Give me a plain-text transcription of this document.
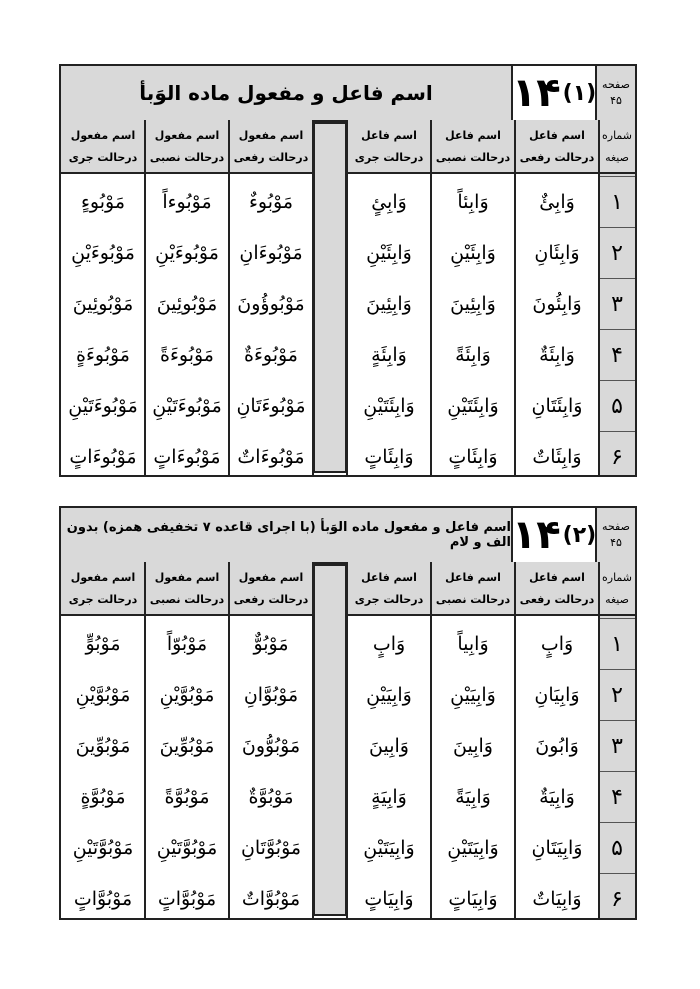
اسم فاعل و مفعول ماده الوَبأ	۱۴ (۱) صفحه
۴۵
اسم مفعول
درحالت جری
مَوْبُوءٍ
مَوْبُوءَيْنِ
مَوْبُوئِينَ
مَوْبُوءَةٍ
مَوْبُوءَتَيْنِ
مَوْبُوءَاتٍ
اسم مفعول
درحالت نصبی
مَوْبُوءاً
مَوْبُوءَيْنِ
مَوْبُوئِينَ
مَوْبُوءَةً
مَوْبُوءَتَيْنِ
مَوْبُوءَاتٍ
اسم مفعول
درحالت رفعی
مَوْبُوءٌ
مَوْبُوءَانِ
مَوْبُوؤُونَ
مَوْبُوءَةٌ
مَوْبُوءَتَانِ
مَوْبُوءَاتٌ
اسم فاعل
درحالت جری
وَابِئٍ
وَابِئَيْنِ
وَابِئِينَ
وَابِئَةٍ
وَابِئَتَيْنِ
وَابِئَاتٍ
اسم فاعل
درحالت نصبی
وَابِئاً
وَابِئَيْنِ
وَابِئِينَ
وَابِئَةً
وَابِئَتَيْنِ
وَابِئَاتٍ
اسم فاعل
درحالت رفعی
وَابِئٌ
وَابِئَانِ
وَابِئُونَ
وَابِئَةٌ
وَابِئَتَانِ
وَابِئَاتٌ
شماره
صیغه
۱
۲
۳
۴
۵
۶
اسم فاعل و مفعول ماده الوَبأ (با اجرای قاعده ۷ تخفیفی همزه) بدون الف و لام ۱۴ (۲) صفحه
۴۵
اسم مفعول
درحالت جری
مَوْبُوٍّ
مَوْبُوَّيْنِ
مَوْبُوِّينَ
مَوْبُوَّةٍ
مَوْبُوَّتَيْنِ
مَوْبُوَّاتٍ
اسم مفعول
درحالت نصبی
مَوْبُوّاً
مَوْبُوَّيْنِ
مَوْبُوِّينَ
مَوْبُوَّةً
مَوْبُوَّتَيْنِ
مَوْبُوَّاتٍ
اسم مفعول
درحالت رفعی
مَوْبُوٌّ
مَوْبُوَّانِ
مَوْبُوُّونَ
مَوْبُوَّةٌ
مَوْبُوَّتَانِ
مَوْبُوَّاتٌ
اسم فاعل
درحالت جری
وَابٍ
وَابِيَيْنِ
وَابِينَ
وَابِيَةٍ
وَابِيَتَيْنِ
وَابِيَاتٍ
اسم فاعل
درحالت نصبی
وَابِياً
وَابِيَيْنِ
وَابِينَ
وَابِيَةً
وَابِيَتَيْنِ
وَابِيَاتٍ
اسم فاعل
درحالت رفعی
وَابٍ
وَابِيَانِ
وَابُونَ
وَابِيَةٌ
وَابِيَتَانِ
وَابِيَاتٌ
شماره
صیغه
۱
۲
۳
۴
۵
۶
